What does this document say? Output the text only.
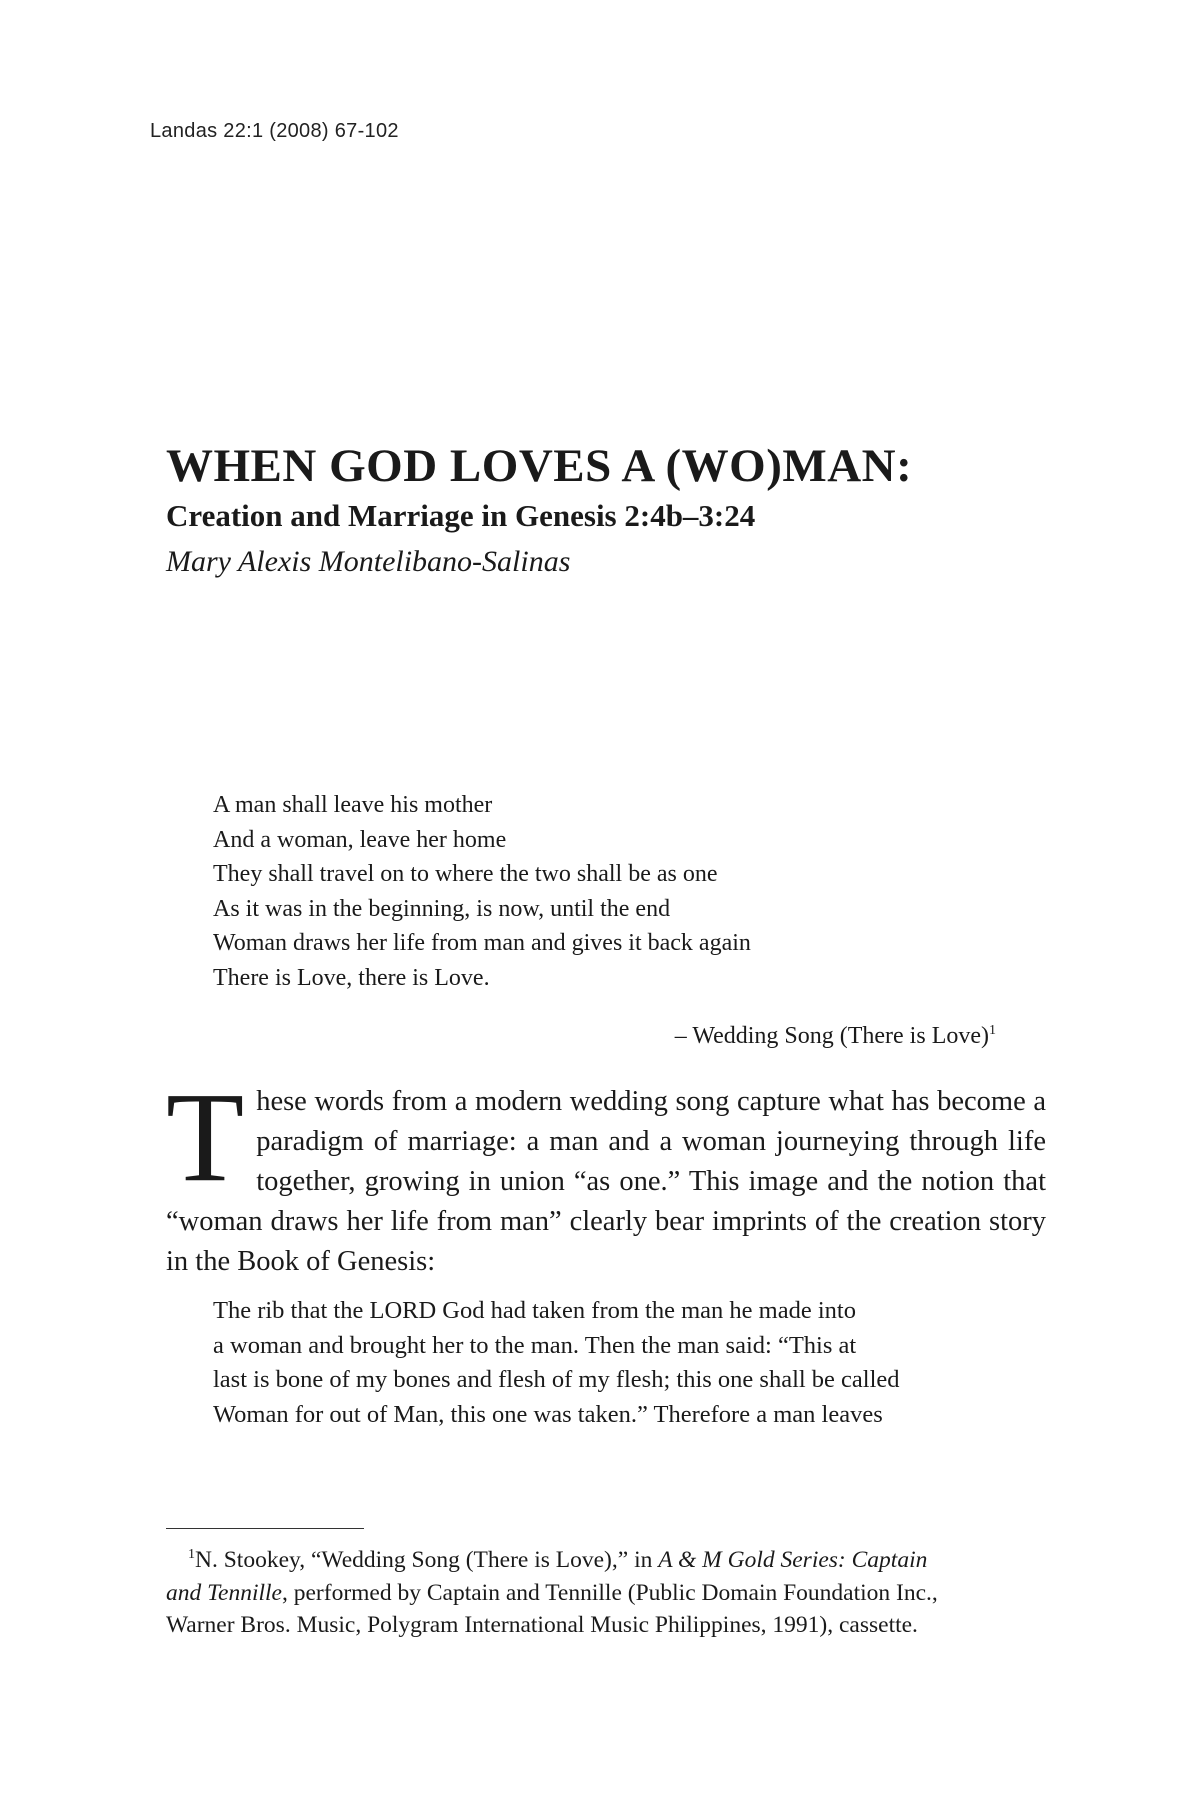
Landas 22:1 (2008) 67-102
WHEN GOD LOVES A (WO)MAN:
Creation and Marriage in Genesis 2:4b–3:24
Mary Alexis Montelibano-Salinas
A man shall leave his mother
And a woman, leave her home
They shall travel on to where the two shall be as one
As it was in the beginning, is now, until the end
Woman draws her life from man and gives it back again
There is Love, there is Love.
– Wedding Song (There is Love)$^1$
T hese words from a modern wedding song capture what has become a paradigm of marriage: a man and a woman journeying through life together, growing in union “as one.” This image and the notion that “woman draws her life from man” clearly bear imprints of the creation story in the Book of Genesis:
The rib that the LORD God had taken from the man he made into
a woman and brought her to the man. Then the man said: “This at
last is bone of my bones and flesh of my flesh; this one shall be called
Woman for out of Man, this one was taken.” Therefore a man leaves
$^1$N. Stookey, “Wedding Song (There is Love),” in A & M Gold Series: Captain
and Tennille, performed by Captain and Tennille (Public Domain Foundation Inc.,
Warner Bros. Music, Polygram International Music Philippines, 1991), cassette.
